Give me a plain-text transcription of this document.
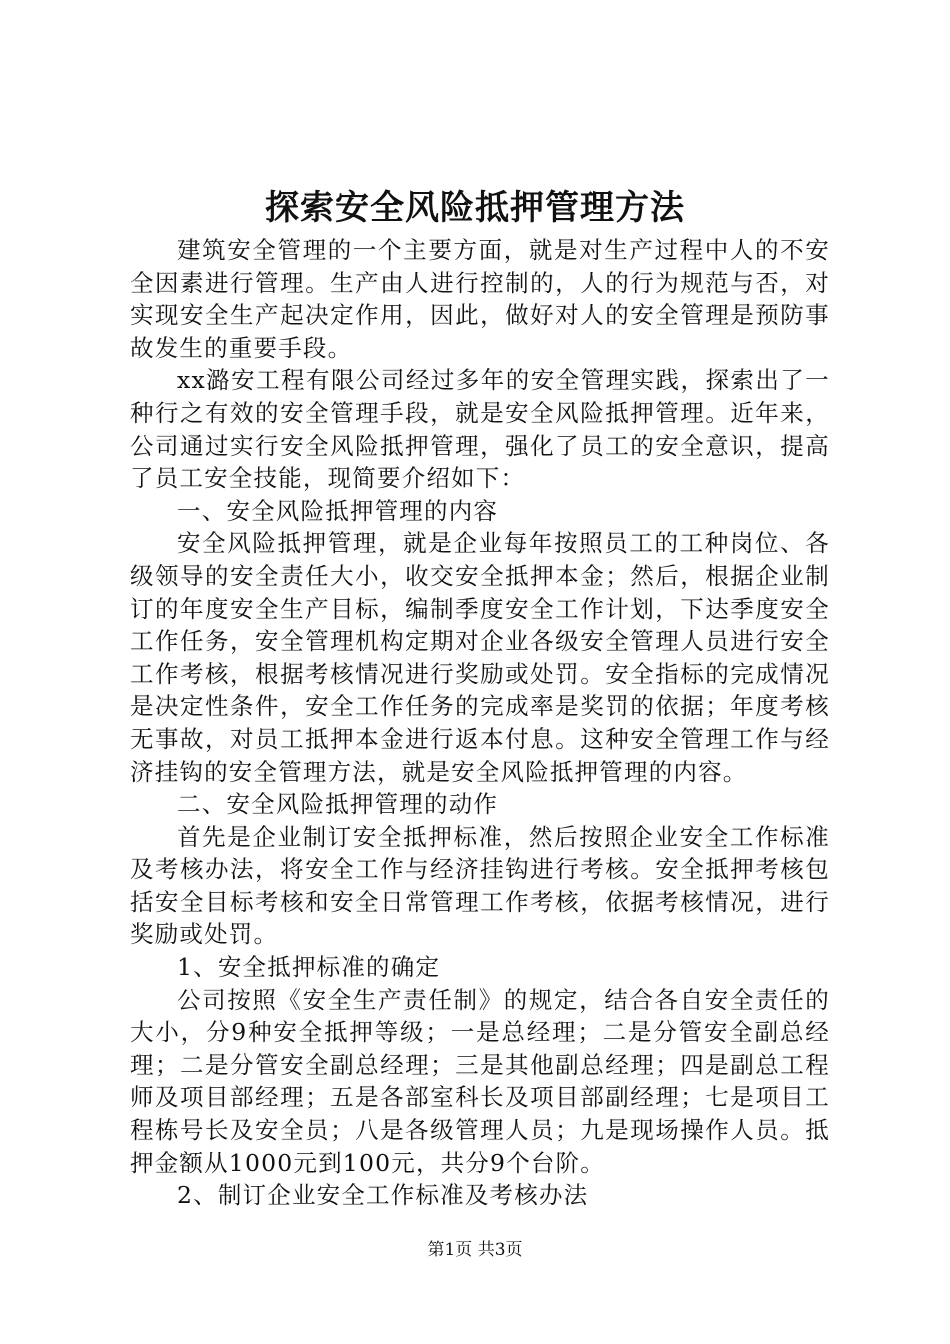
探索安全风险抵押管理方法

建筑安全管理的一个主要方面，就是对生产过程中人的不安全因素进行管理。生产由人进行控制的，人的行为规范与否，对实现安全生产起决定作用，因此，做好对人的安全管理是预防事故发生的重要手段。

xx潞安工程有限公司经过多年的安全管理实践，探索出了一种行之有效的安全管理手段，就是安全风险抵押管理。近年来，公司通过实行安全风险抵押管理，强化了员工的安全意识，提高了员工安全技能，现简要介绍如下：

一、安全风险抵押管理的内容

安全风险抵押管理，就是企业每年按照员工的工种岗位、各级领导的安全责任大小，收交安全抵押本金；然后，根据企业制订的年度安全生产目标，编制季度安全工作计划，下达季度安全工作任务，安全管理机构定期对企业各级安全管理人员进行安全工作考核，根据考核情况进行奖励或处罚。安全指标的完成情况是决定性条件，安全工作任务的完成率是奖罚的依据；年度考核无事故，对员工抵押本金进行返本付息。这种安全管理工作与经济挂钩的安全管理方法，就是安全风险抵押管理的内容。

二、安全风险抵押管理的动作

首先是企业制订安全抵押标准，然后按照企业安全工作标准及考核办法，将安全工作与经济挂钩进行考核。安全抵押考核包括安全目标考核和安全日常管理工作考核，依据考核情况，进行奖励或处罚。

1、安全抵押标准的确定

公司按照《安全生产责任制》的规定，结合各自安全责任的大小，分9种安全抵押等级；一是总经理；二是分管安全副总经理；二是分管安全副总经理；三是其他副总经理；四是副总工程师及项目部经理；五是各部室科长及项目部副经理；七是项目工程栋号长及安全员；八是各级管理人员；九是现场操作人员。抵押金额从1000元到100元，共分9个台阶。

2、制订企业安全工作标准及考核办法

第1页 共3页
